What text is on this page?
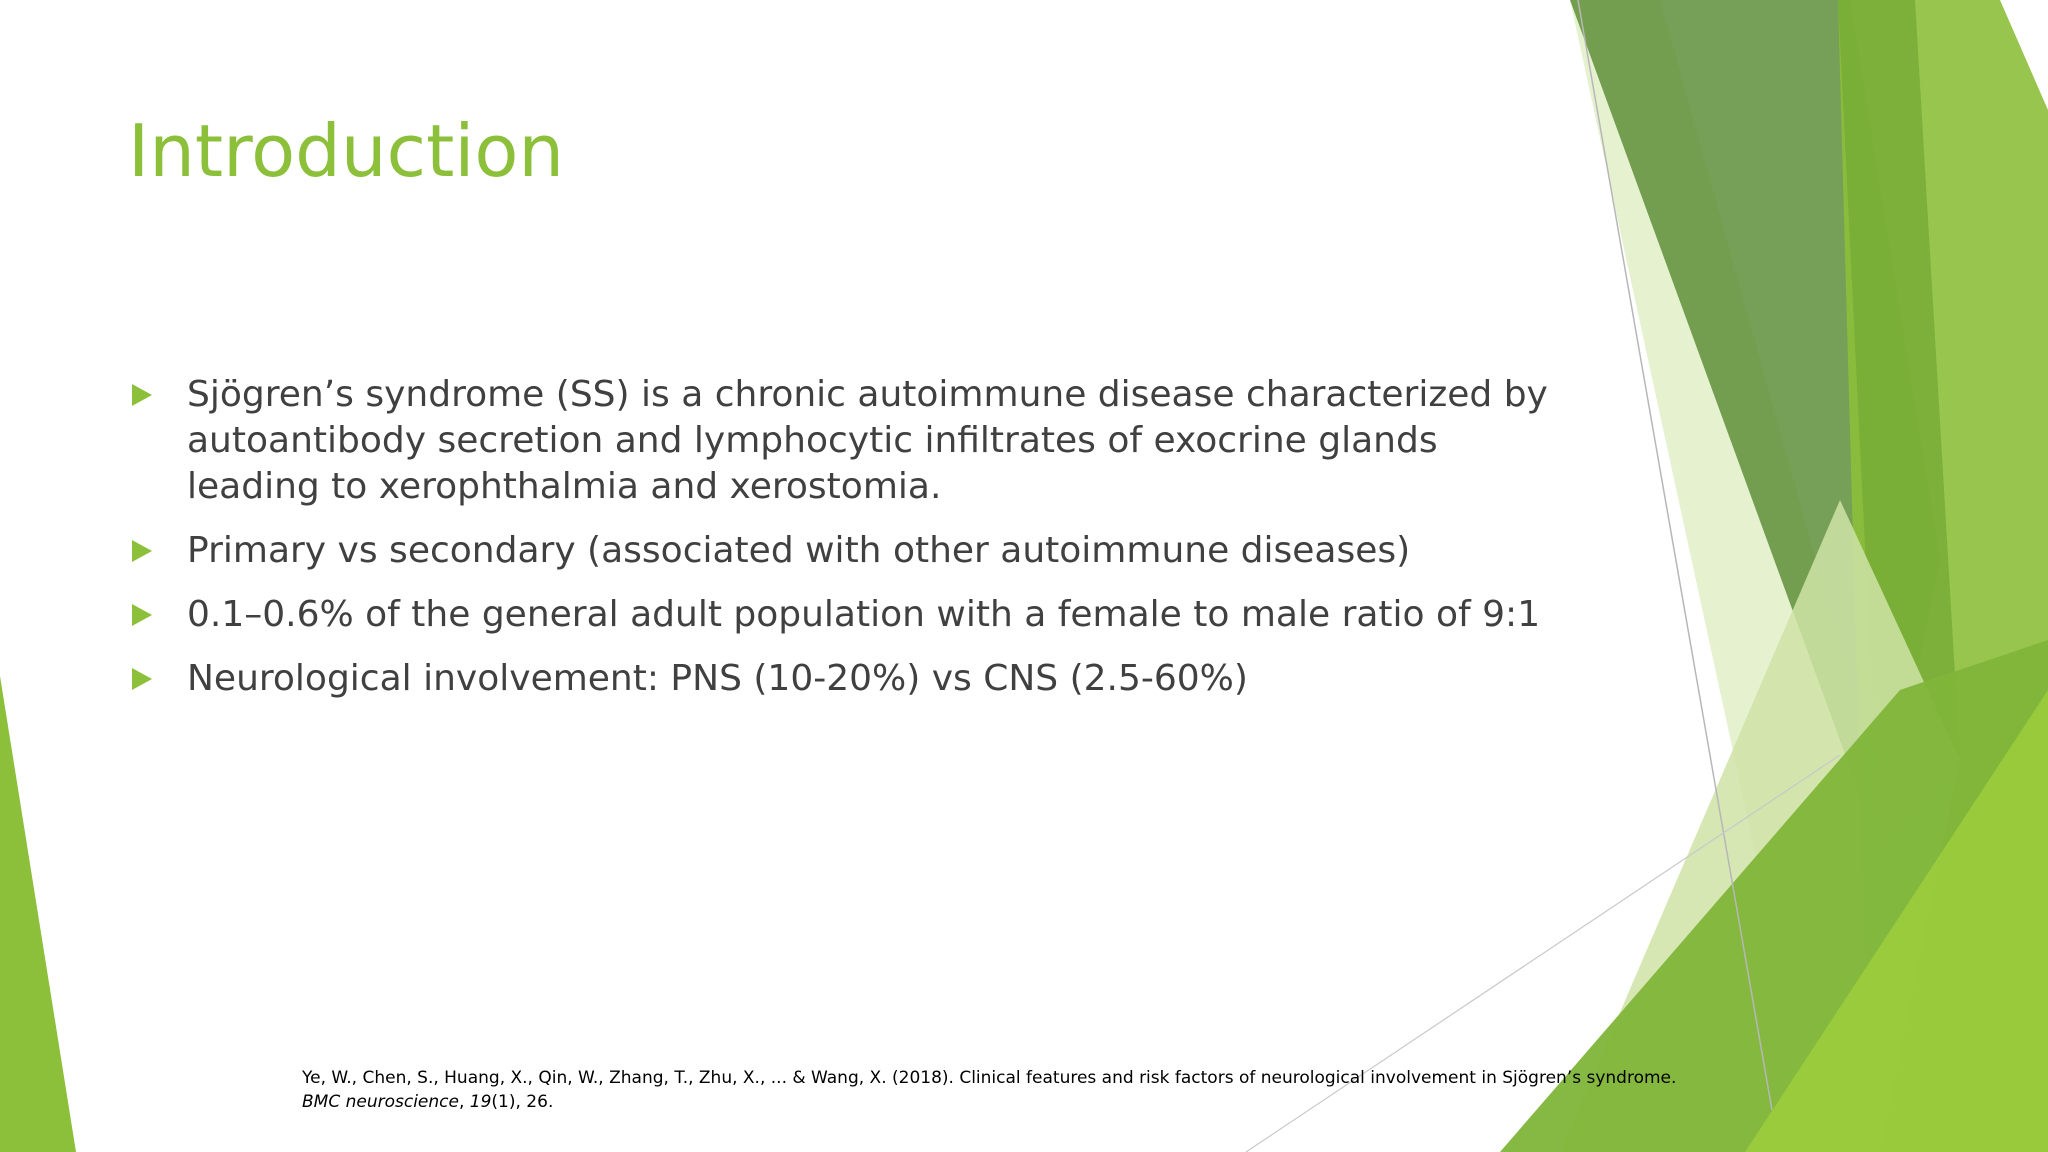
Introduction
Sjögren’s syndrome (SS) is a chronic autoimmune disease characterized by autoantibody secretion and lymphocytic infiltrates of exocrine glands leading to xerophthalmia and xerostomia.
Primary vs secondary (associated with other autoimmune diseases)
0.1–0.6% of the general adult population with a female to male ratio of 9:1
Neurological involvement: PNS (10-20%) vs CNS (2.5-60%)

Ye, W., Chen, S., Huang, X., Qin, W., Zhang, T., Zhu, X., ... & Wang, X. (2018). Clinical features and risk factors of neurological involvement in Sjögren’s syndrome.

BMC neuroscience, 19(1), 26.
